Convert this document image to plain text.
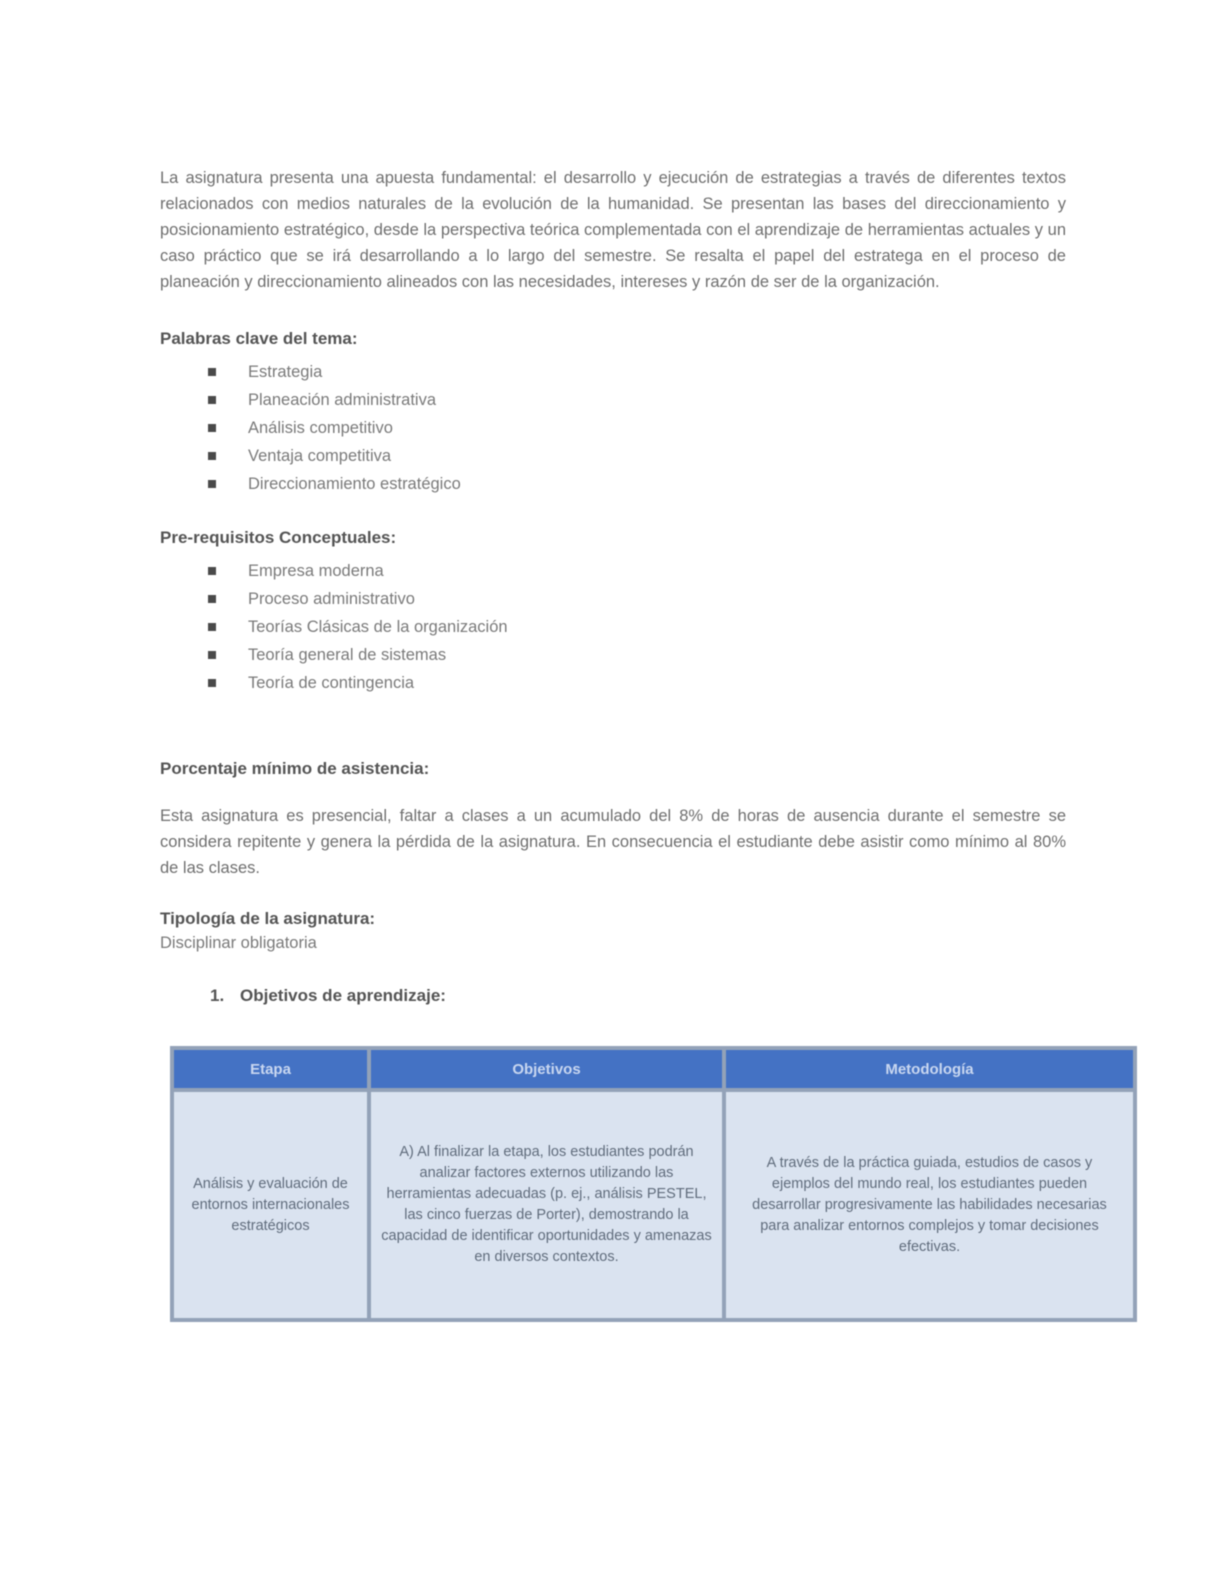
La asignatura presenta una apuesta fundamental: el desarrollo y ejecución de estrategias a través de diferentes textos relacionados con medios naturales de la evolución de la humanidad. Se presentan las bases del direccionamiento y posicionamiento estratégico, desde la perspectiva teórica complementada con el aprendizaje de herramientas actuales y un caso práctico que se irá desarrollando a lo largo del semestre. Se resalta el papel del estratega en el proceso de planeación y direccionamiento alineados con las necesidades, intereses y razón de ser de la organización.

Palabras clave del tema:

Estrategia
Planeación administrativa
Análisis competitivo
Ventaja competitiva
Direccionamiento estratégico

Pre-requisitos Conceptuales:

Empresa moderna
Proceso administrativo
Teorías Clásicas de la organización
Teoría general de sistemas
Teoría de contingencia

Porcentaje mínimo de asistencia:

Esta asignatura es presencial, faltar a clases a un acumulado del 8% de horas de ausencia durante el semestre se considera repitente y genera la pérdida de la asignatura. En consecuencia el estudiante debe asistir como mínimo al 80% de las clases.

Tipología de la asignatura:

Disciplinar obligatoria

1. Objetivos de aprendizaje:

Etapa	Objetivos	Metodología
Análisis y evaluación de entornos internacionales estratégicos	A) Al finalizar la etapa, los estudiantes podrán analizar factores externos utilizando las herramientas adecuadas (p. ej., análisis PESTEL, las cinco fuerzas de Porter), demostrando la capacidad de identificar oportunidades y amenazas en diversos contextos.	A través de la práctica guiada, estudios de casos y ejemplos del mundo real, los estudiantes pueden desarrollar progresivamente las habilidades necesarias para analizar entornos complejos y tomar decisiones efectivas.
